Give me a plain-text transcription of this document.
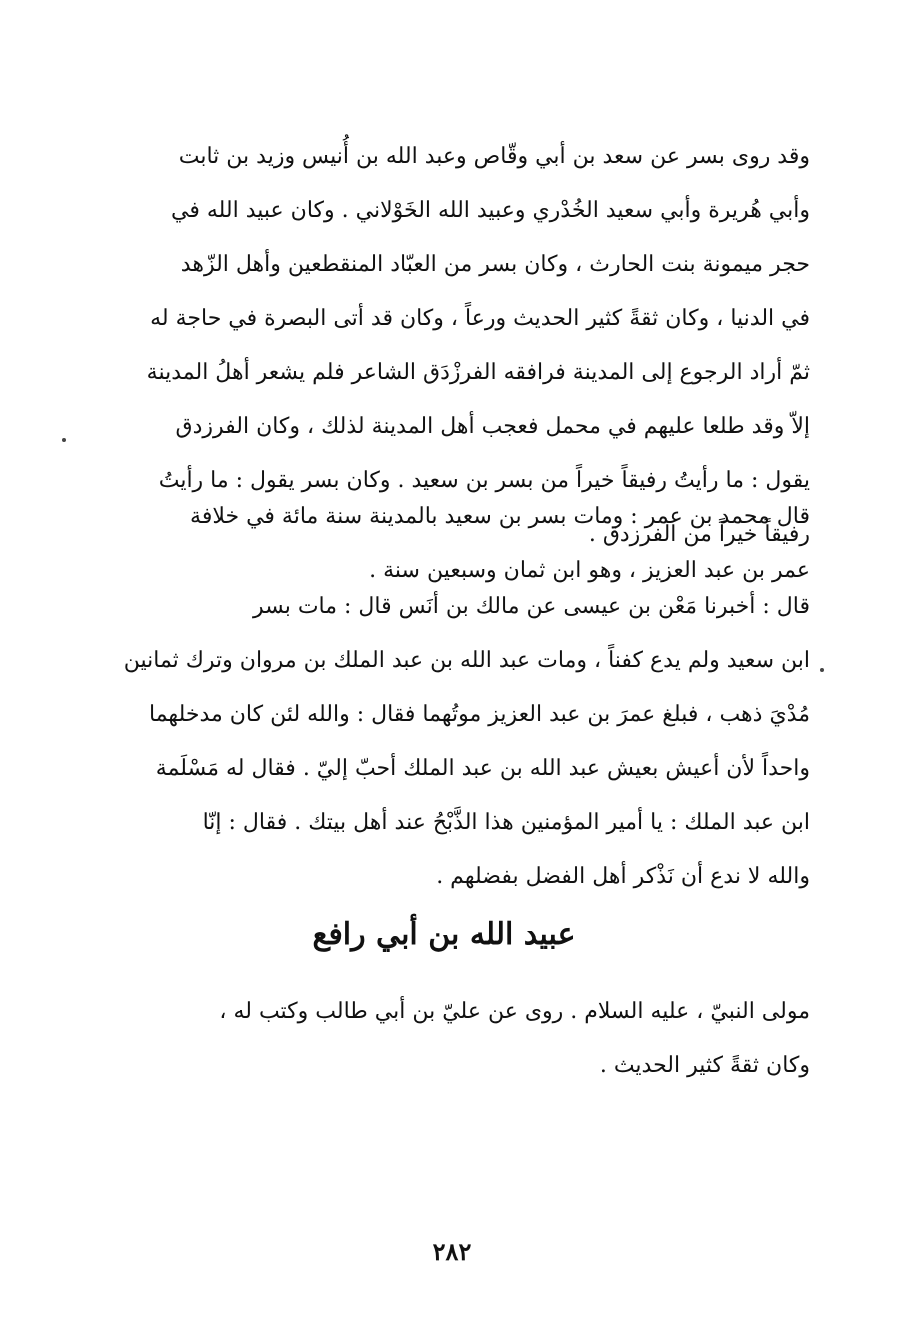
وقد روى بسر عن سعد بن أبي وقّاص وعبد الله بن أُنيس وزيد بن ثابت
وأبي هُريرة وأبي سعيد الخُدْري وعبيد الله الخَوْلاني . وكان عبيد الله في
حجر ميمونة بنت الحارث ، وكان بسر من العبّاد المنقطعين وأهل الزّهد
في الدنيا ، وكان ثقةً كثير الحديث ورعاً ، وكان قد أتى البصرة في حاجة له
ثمّ أراد الرجوع إلى المدينة فرافقه الفرزْدَق الشاعر فلم يشعر أهلُ المدينة
إلاّ وقد طلعا عليهم في محمل فعجب أهل المدينة لذلك ، وكان الفرزدق
يقول : ما رأيتُ رفيقاً خيراً من بسر بن سعيد . وكان بسر يقول : ما رأيتُ
رفيقاً خيراً من الفرزدق .
قال محمد بن عمر : ومات بسر بن سعيد بالمدينة سنة مائة في خلافة
عمر بن عبد العزيز ، وهو ابن ثمان وسبعين سنة .
قال : أخبرنا مَعْن بن عيسى عن مالك بن أنَس قال : مات بسر
ابن سعيد ولم يدع كفناً ، ومات عبد الله بن عبد الملك بن مروان وترك ثمانين
مُدْيَ ذهب ، فبلغ عمرَ بن عبد العزيز موتُهما فقال : والله لئن كان مدخلهما
واحداً لأن أعيش بعيش عبد الله بن عبد الملك أحبّ إليّ . فقال له مَسْلَمة
ابن عبد الملك : يا أمير المؤمنين هذا الذَّبْحُ عند أهل بيتك . فقال : إنّا
والله لا ندع أن نَذْكر أهل الفضل بفضلهم .
عبيد الله بن أبي رافع
مولى النبيّ ، عليه السلام . روى عن عليّ بن أبي طالب وكتب له ،
وكان ثقةً كثير الحديث .
٢٨٢
